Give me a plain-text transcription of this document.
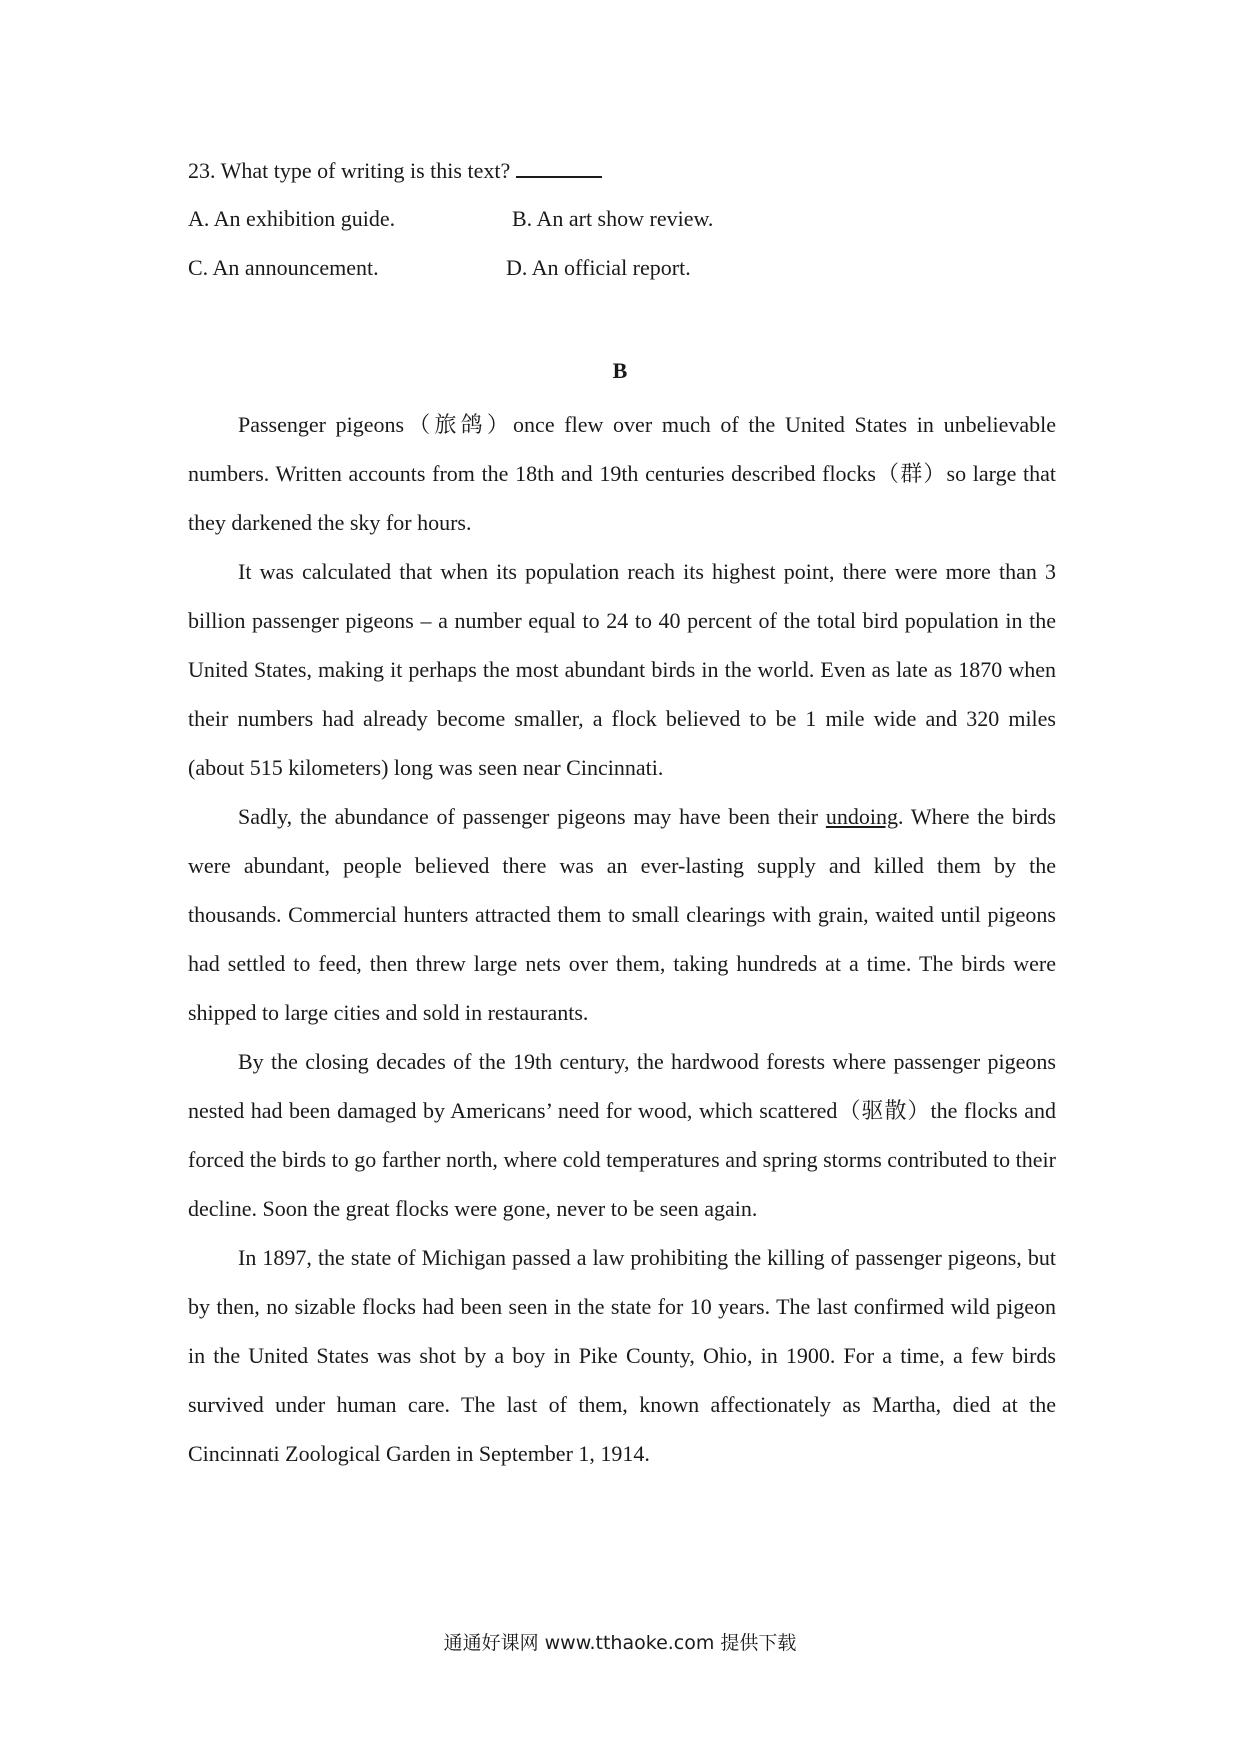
23. What type of writing is this text?
A. An exhibition guide.	B. An art show review.
C. An announcement.	D. An official report.
B

Passenger pigeons（旅鸽）once flew over much of the United States in unbelievable numbers. Written accounts from the 18th and 19th centuries described flocks（群）so large that they darkened the sky for hours.

It was calculated that when its population reach its highest point, there were more than 3 billion passenger pigeons – a number equal to 24 to 40 percent of the total bird population in the United States, making it perhaps the most abundant birds in the world. Even as late as 1870 when their numbers had already become smaller, a flock believed to be 1 mile wide and 320 miles (about 515 kilometers) long was seen near Cincinnati.

Sadly, the abundance of passenger pigeons may have been their undoing. Where the birds were abundant, people believed there was an ever-lasting supply and killed them by the thousands. Commercial hunters attracted them to small clearings with grain, waited until pigeons had settled to feed, then threw large nets over them, taking hundreds at a time. The birds were shipped to large cities and sold in restaurants.

By the closing decades of the 19th century, the hardwood forests where passenger pigeons nested had been damaged by Americans’ need for wood, which scattered（驱散）the flocks and forced the birds to go farther north, where cold temperatures and spring storms contributed to their decline. Soon the great flocks were gone, never to be seen again.

In 1897, the state of Michigan passed a law prohibiting the killing of passenger pigeons, but by then, no sizable flocks had been seen in the state for 10 years. The last confirmed wild pigeon in the United States was shot by a boy in Pike County, Ohio, in 1900. For a time, a few birds survived under human care. The last of them, known affectionately as Martha, died at the Cincinnati Zoological Garden in September 1, 1914.

通通好课网 www.tthaoke.com 提供下载
